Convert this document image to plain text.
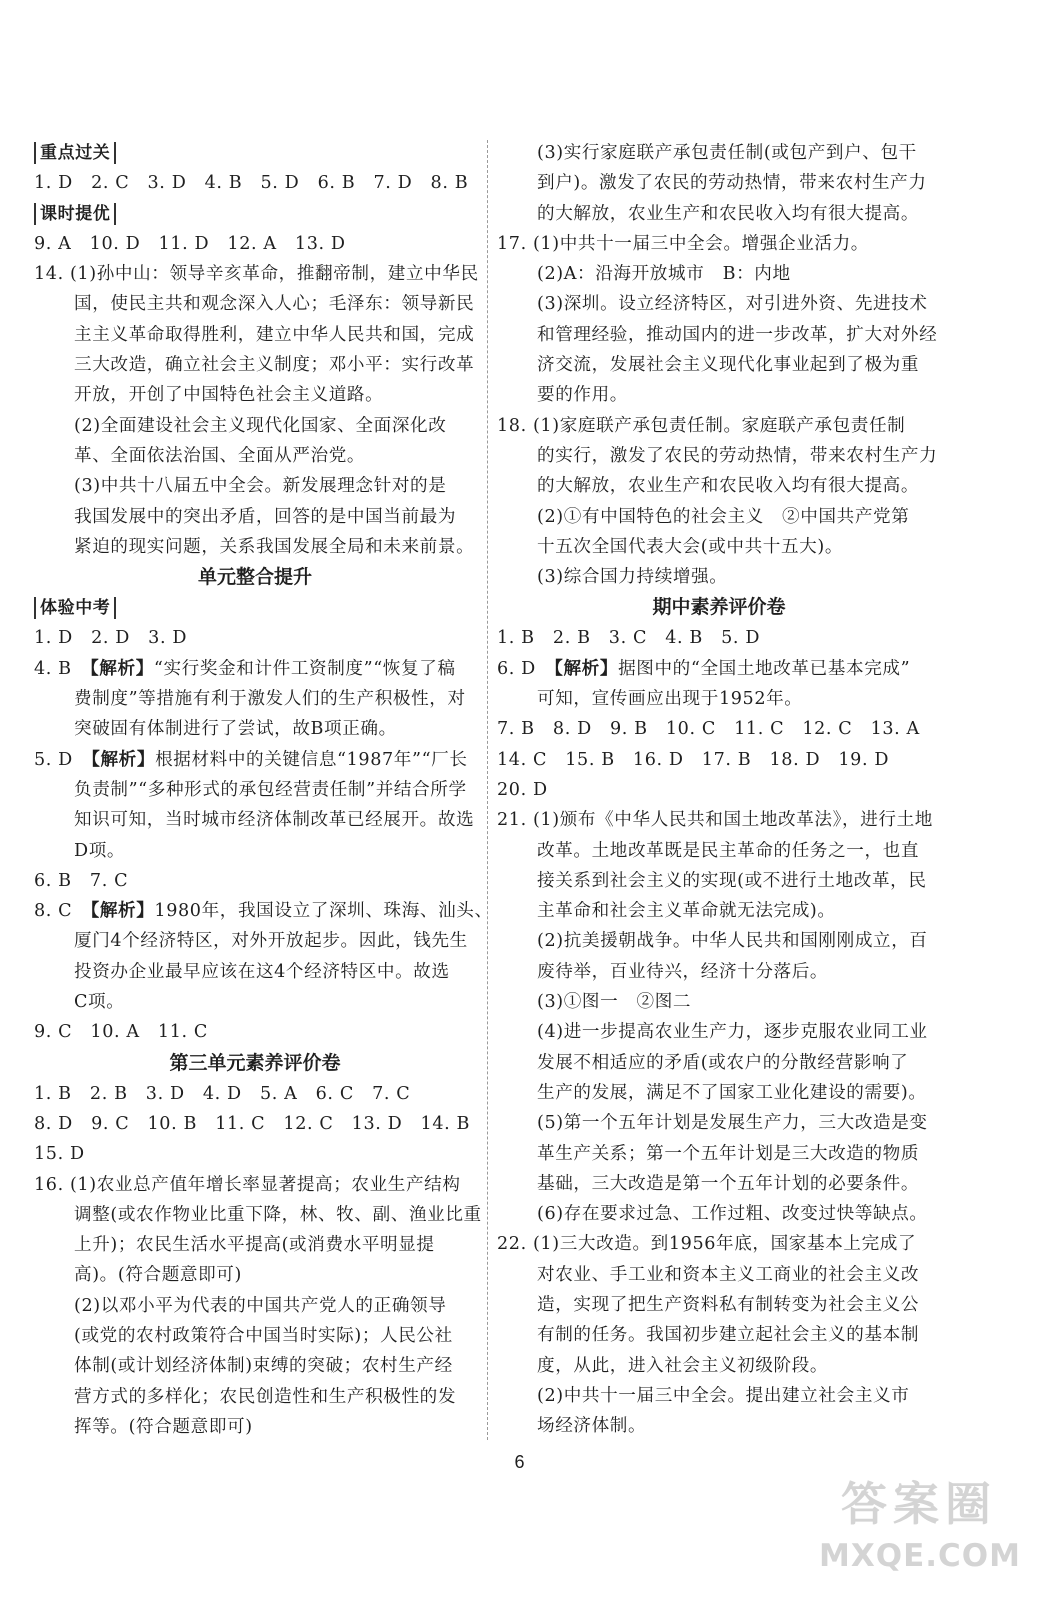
重点过关
1. D　2. C　3. D　4. B　5. D　6. B　7. D　8. B
课时提优
9. A　10. D　11. D　12. A　13. D
14. (1)孙中山：领导辛亥革命，推翻帝制，建立中华民
国，使民主共和观念深入人心；毛泽东：领导新民
主主义革命取得胜利，建立中华人民共和国，完成
三大改造，确立社会主义制度；邓小平：实行改革
开放，开创了中国特色社会主义道路。
(2)全面建设社会主义现代化国家、全面深化改
革、全面依法治国、全面从严治党。
(3)中共十八届五中全会。新发展理念针对的是
我国发展中的突出矛盾，回答的是中国当前最为
紧迫的现实问题，关系我国发展全局和未来前景。
单元整合提升
体验中考
1. D　2. D　3. D
4. B　【解析】“实行奖金和计件工资制度”“恢复了稿
费制度”等措施有利于激发人们的生产积极性，对
突破固有体制进行了尝试，故B项正确。
5. D　【解析】根据材料中的关键信息“1987年”“厂长
负责制”“多种形式的承包经营责任制”并结合所学
知识可知，当时城市经济体制改革已经展开。故选
D项。
6. B　7. C
8. C　【解析】1980年，我国设立了深圳、珠海、汕头、
厦门4个经济特区，对外开放起步。因此，钱先生
投资办企业最早应该在这4个经济特区中。故选
C项。
9. C　10. A　11. C
第三单元素养评价卷
1. B　2. B　3. D　4. D　5. A　6. C　7. C
8. D　9. C　10. B　11. C　12. C　13. D　14. B
15. D
16. (1)农业总产值年增长率显著提高；农业生产结构
调整(或农作物业比重下降，林、牧、副、渔业比重
上升)；农民生活水平提高(或消费水平明显提
高)。(符合题意即可)
(2)以邓小平为代表的中国共产党人的正确领导
(或党的农村政策符合中国当时实际)；人民公社
体制(或计划经济体制)束缚的突破；农村生产经
营方式的多样化；农民创造性和生产积极性的发
挥等。(符合题意即可)
(3)实行家庭联产承包责任制(或包产到户、包干
到户)。激发了农民的劳动热情，带来农村生产力
的大解放，农业生产和农民收入均有很大提高。
17. (1)中共十一届三中全会。增强企业活力。
(2)A：沿海开放城市　B：内地
(3)深圳。设立经济特区，对引进外资、先进技术
和管理经验，推动国内的进一步改革，扩大对外经
济交流，发展社会主义现代化事业起到了极为重
要的作用。
18. (1)家庭联产承包责任制。家庭联产承包责任制
的实行，激发了农民的劳动热情，带来农村生产力
的大解放，农业生产和农民收入均有很大提高。
(2)①有中国特色的社会主义　②中国共产党第
十五次全国代表大会(或中共十五大)。
(3)综合国力持续增强。
期中素养评价卷
1. B　2. B　3. C　4. B　5. D
6. D　【解析】据图中的“全国土地改革已基本完成”
可知，宣传画应出现于1952年。
7. B　8. D　9. B　10. C　11. C　12. C　13. A
14. C　15. B　16. D　17. B　18. D　19. D
20. D
21. (1)颁布《中华人民共和国土地改革法》，进行土地
改革。土地改革既是民主革命的任务之一，也直
接关系到社会主义的实现(或不进行土地改革，民
主革命和社会主义革命就无法完成)。
(2)抗美援朝战争。中华人民共和国刚刚成立，百
废待举，百业待兴，经济十分落后。
(3)①图一　②图二
(4)进一步提高农业生产力，逐步克服农业同工业
发展不相适应的矛盾(或农户的分散经营影响了
生产的发展，满足不了国家工业化建设的需要)。
(5)第一个五年计划是发展生产力，三大改造是变
革生产关系；第一个五年计划是三大改造的物质
基础，三大改造是第一个五年计划的必要条件。
(6)存在要求过急、工作过粗、改变过快等缺点。
22. (1)三大改造。到1956年底，国家基本上完成了
对农业、手工业和资本主义工商业的社会主义改
造，实现了把生产资料私有制转变为社会主义公
有制的任务。我国初步建立起社会主义的基本制
度，从此，进入社会主义初级阶段。
(2)中共十一届三中全会。提出建立社会主义市
场经济体制。
6
答案圈
MXQE.COM
